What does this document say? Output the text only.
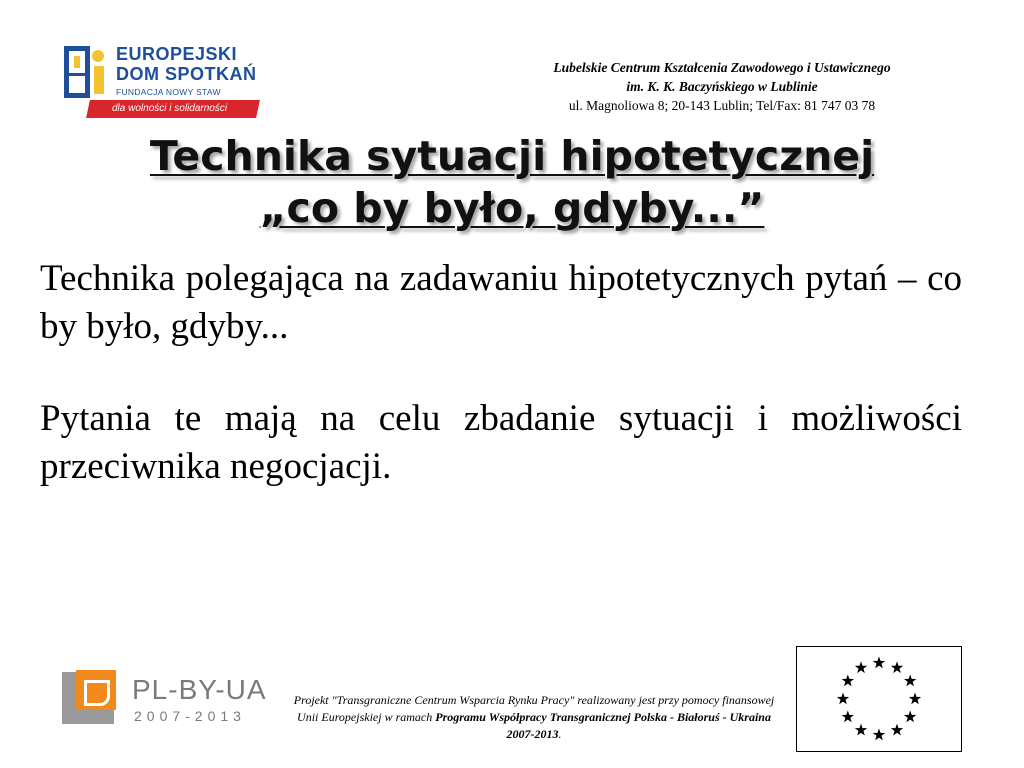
EUROPEJSKI
DOM SPOTKAŃ
FUNDACJA NOWY STAW
dla wolności i solidarności
Lubelskie Centrum Kształcenia Zawodowego i Ustawicznego
im. K. K. Baczyńskiego w Lublinie
ul. Magnoliowa 8; 20-143 Lublin; Tel/Fax: 81 747 03 78
Technika sytuacji hipotetycznej
„co by było, gdyby...”

Technika polegająca na zadawaniu hipotetycznych pytań – co by było, gdyby...

Pytania te mają na celu zbadanie sytuacji i możliwości przeciwnika negocjacji.

PL-BY-UA
2007-2013
Projekt "Transgraniczne Centrum Wsparcia Rynku Pracy" realizowany jest przy pomocy finansowej Unii Europejskiej w ramach Programu Współpracy Transgranicznej Polska - Białoruś - Ukraina 2007-2013.
